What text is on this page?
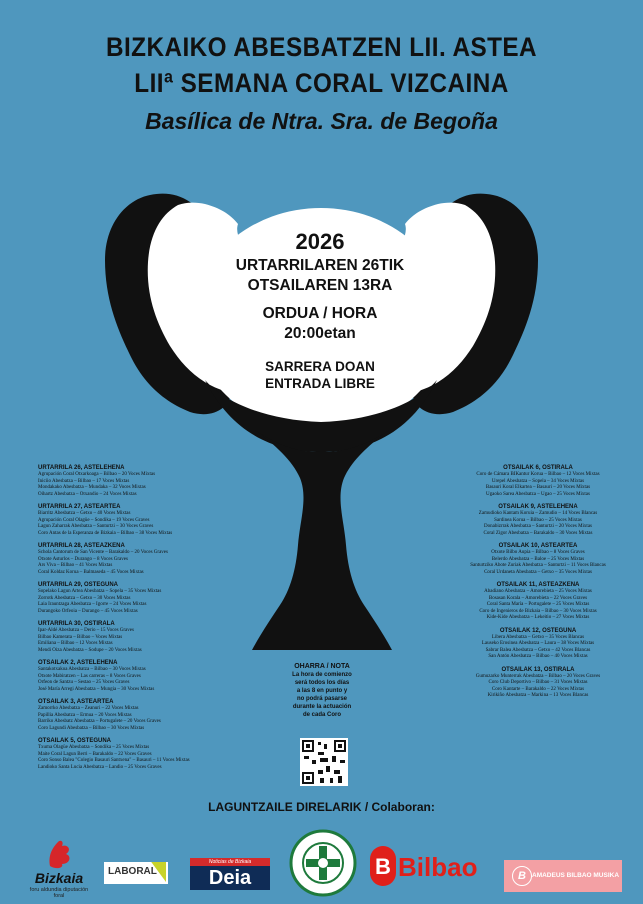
BIZKAIKO ABESBATZEN LII. ASTEA
LIIª SEMANA CORAL VIZCAINA
Basílica de Ntra. Sra. de Begoña
2026
URTARRILAREN 26TIK
OTSAILAREN 13RA
ORDUA / HORA
20:00etan
SARRERA DOAN
ENTRADA LIBRE
URTARRILA 26, ASTELEHENA
Agrupación Coral Otxarkoaga – Bilbao – 20 Voces Mixtas
Iniciio Abesbatza – Bilbao – 17 Voces Mixtas
Mondakako Abesbatza – Mundaka – 32 Voces Mixtas
Oihartz Abesbatza – Otxandio – 24 Voces Mixtas
URTARRILA 27, ASTEARTEA
Biarritz Abesbatza – Getxo – 40 Voces Mixtas
Agrupación Coral Olagüe – Sondika – 19 Voces Graves
Lagun Zaharrak Abesbatza – Santurtzi – 30 Voces Graves
Coro Antas de la Esperanza de Bizkaia – Bilbao – 38 Voces Mixtas
URTARRILA 28, ASTEAZKENA
Schola Cantorum de San Vicente – Barakaldo – 20 Voces Graves
Otxote Asturlos – Durango – 8 Voces Graves
Ars Viva – Bilbao – 41 Voces Mixtas
Coral Koldaz Korua – Balmaseda – 45 Voces Mixtas
URTARRILA 29, OSTEGUNA
Sopelako Lagun Artea Abesbatza – Sopela – 35 Voces Mixtas
Zorrotk Abesbatza – Getxo – 30 Voces Mixtas
Laia Irauntzaga Abesbatza – Igorre – 24 Voces Mixtas
Durangoko Orfeoia – Durango – 45 Voces Mixtas
URTARRILA 30, OSTIRALA
Ipar-Aldé Abesbatza – Derio – 15 Voces Graves
Bilbao Kamerata – Bilbao – Voces Mixtas
Emiliana – Bilbao – 12 Voces Mixtas
Mendi Oiza Abesbatza – Sodupe – 20 Voces Mixtas
OTSAILAK 2, ASTELEHENA
Santakotxakoa Abesbatza – Bilbao – 30 Voces Mixtas
Otxote Mabiratzen – Las carreras – 8 Voces Graves
Orfeon de Santzu – Sestao – 25 Voces Graves
José María Arregi Abesbatza – Mungia – 30 Voces Mixtas
OTSAILAK 3, ASTEARTEA
Zamorrko Abesbatza – Zeanuri – 22 Voces Mixtas
Papillia Abesbatza – Ermua – 20 Voces Mixtas
Barriko Abesbatz Abesbatza – Portugalete – 20 Voces Graves
Coro Lagundi Abesbatza – Bilbao – 30 Voces Mixtas
OTSAILAK 5, OSTEGUNA
Txuma Olagüe Abesbatza – Sondika – 25 Voces Mixtas
Maite Coral Lagun Berri – Barakaldo – 22 Voces Graves
Coro Sonso Balea "Colegio Basauri Santxena" – Basauri – 11 Voces Mixtas
Landioko Santa Lucia Abesbatza – Landio – 25 Voces Graves
OTSAILAK 6, OSTIRALA
Coro de Cámara BIKantur Korua – Bilbao – 12 Voces Mixtas
Urepel Abesbatza – Sopela – 34 Voces Mixtas
Basauri Koral Elkartea – Basauri – 20 Voces Mixtas
Ugaoko Sarea Abesbatza – Ugao – 25 Voces Mixtas
OTSAILAK 9, ASTELEHENA
Zamudioko Kantam Koruia – Zamudio – 14 Voces Blancas
Sardinea Korua – Bilbao – 25 Voces Mixtas
Donabizrrak Abesbatza – Santurtzi – 20 Voces Mixtas
Coral Zigor Abesbatza – Barakaldo – 30 Voces Mixtas
OTSAILAK 10, ASTEARTEA
Otxote Bilbo Aupia – Bilbao – 8 Voces Graves
Belerdo Abesbatza – Baloe – 25 Voces Mixtas
Santurtziko Abote Zuriak Abesbatza – Santurtzi – 11 Voces Blancas
Coral Urdaneta Abesbatza – Getxo – 35 Voces Mixtas
OTSAILAK 11, ASTEAZKENA
Abadiano Abesbatza – Amorebieta – 25 Voces Mixtas
Bosasan Korala – Amorebieta – 22 Voces Graves
Coral Santa María – Portugalete – 25 Voces Mixtas
Coro de Ingenieros de Bizkaia – Bilbao – 30 Voces Mixtas
Kide-Kide Abesbatza – Lekeitio – 27 Voces Mixtas
OTSAILAK 12, OSTEGUNA
Libera Abesbatza – Getxo – 35 Voces Blancas
Lauseko Erosinea Abesbatza – Laura – 38 Voces Mixtas
Sabrar Balea Abesbatza – Getxo – 42 Voces Blancas
San Antón Abesbatza – Bilbao – 40 Voces Mixtas
OTSAILAK 13, OSTIRALA
Gumuzarko Munterrak Abesbatza – Bilbao – 20 Voces Graves
Coro Club Deportivo – Bilbao – 31 Voces Mixtas
Coro Kantarte – Barakaldo – 22 Voces Mixtas
Kirikiño Abesbatza – Markina – 13 Voces Blancas
OHARRA / NOTA
La hora de comienzo
será todos los días
a las 8 en punto y
no podrá pasarse
durante la actuación
de cada Coro
LAGUNTZAILE DIRELARIK / Colaboran:
Bizkaia
foru aldundia diputación foral
LABORAL
Noticias de Bizkaia
Deia	B Bilbao	B AMADEUS BILBAO MUSIKA
